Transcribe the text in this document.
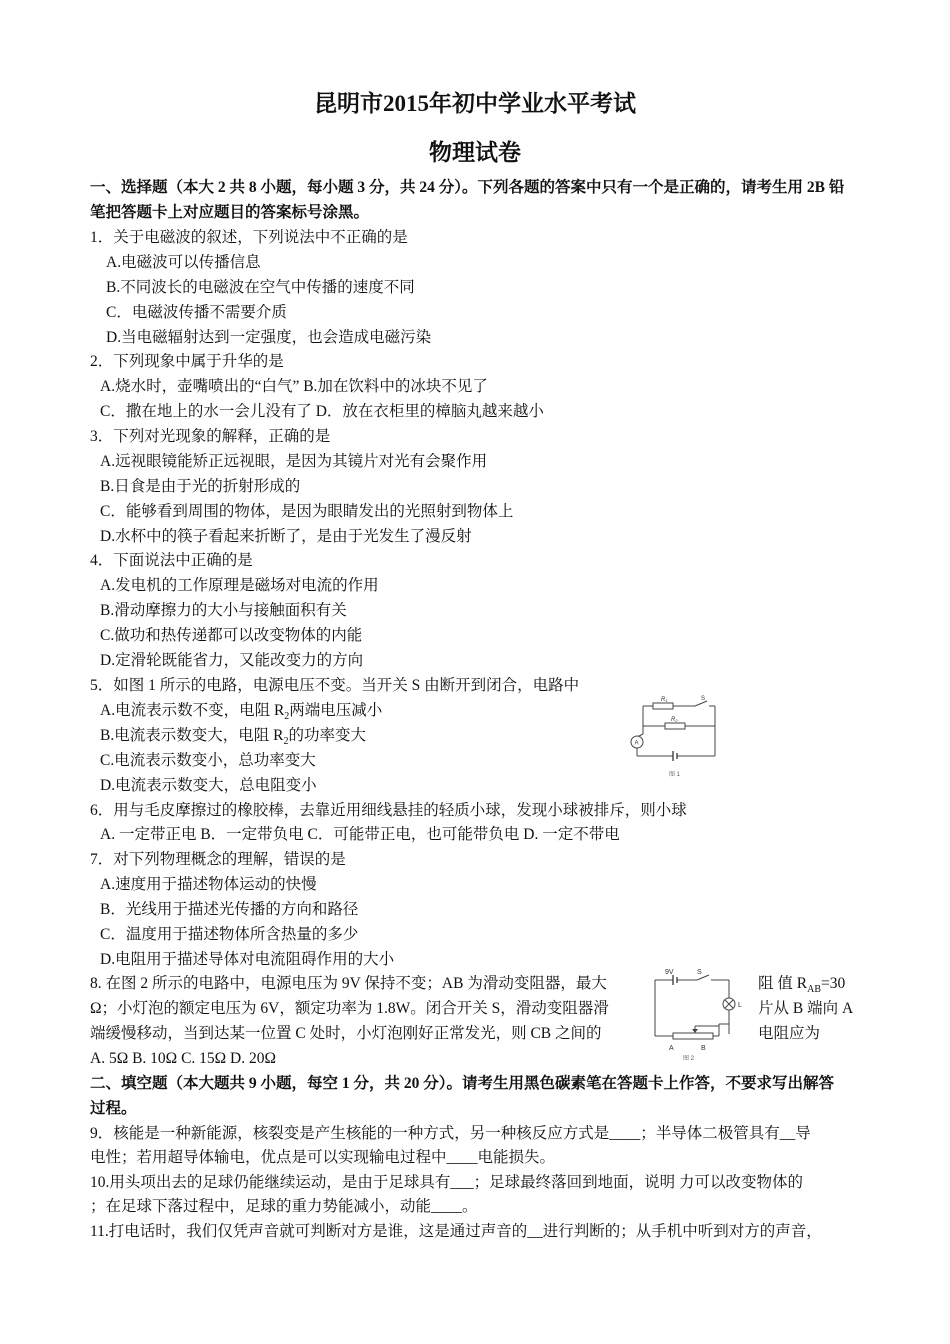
昆明市2015年初中学业水平考试
物理试卷
一、选择题（本大 2 共 8 小题，每小题 3 分，共 24 分）。下列各题的答案中只有一个是正确的，请考生用 2B 铅
笔把答题卡上对应题目的答案标号涂黑。
1．关于电磁波的叙述，下列说法中不正确的是
A.电磁波可以传播信息
B.不同波长的电磁波在空气中传播的速度不同
C．电磁波传播不需要介质
D.当电磁辐射达到一定强度，也会造成电磁污染
2．下列现象中属于升华的是
A.烧水时，壶嘴喷出的“白气” B.加在饮料中的冰块不见了
C．撒在地上的水一会儿没有了 D．放在衣柜里的樟脑丸越来越小
3．下列对光现象的解释，正确的是
A.远视眼镜能矫正远视眼，是因为其镜片对光有会聚作用
B.日食是由于光的折射形成的
C．能够看到周围的物体，是因为眼睛发出的光照射到物体上
D.水杯中的筷子看起来折断了，是由于光发生了漫反射
4．下面说法中正确的是
A.发电机的工作原理是磁场对电流的作用
B.滑动摩擦力的大小与接触面积有关
C.做功和热传递都可以改变物体的内能
D.定滑轮既能省力，又能改变力的方向
5．如图 1 所示的电路，电源电压不变。当开关 S 由断开到闭合，电路中
A.电流表示数不变，电阻 $R_2$两端电压减小
B.电流表示数变大，电阻 $R_2$的功率变大
C.电流表示数变小，总功率变大
D.电流表示数变大，总电阻变小
R1	S
R2
A
图 1
6．用与毛皮摩擦过的橡胶棒，去靠近用细线悬挂的轻质小球，发现小球被排斥，则小球
A. 一定带正电 B．一定带负电 C．可能带正电，也可能带负电 D. 一定不带电
7．对下列物理概念的理解，错误的是
A.速度用于描述物体运动的快慢
B．光线用于描述光传播的方向和路径
C．温度用于描述物体所含热量的多少
D.电阻用于描述导体对电流阻碍作用的大小
8. 在图 2 所示的电路中，电源电压为 9V 保持不变；AB 为滑动变阻器，最大	阻 值 $R_{AB}=30$
Ω；小灯泡的额定电压为 6V，额定功率为 1.8W。闭合开关 S，滑动变阻器滑	片从 B 端向 A
端缓慢移动，当到达某一位置 C 处时，小灯泡刚好正常发光，则 CB 之间的	电阻应为
A. 5Ω B. 10Ω C. 15Ω D. 20Ω
9V	S
L
A	B
图 2
二、填空题（本大题共 9 小题，每空 1 分，共 20 分）。请考生用黑色碳素笔在答题卡上作答，不要求写出解答
过程。
9．核能是一种新能源，核裂变是产生核能的一种方式，另一种核反应方式是____；半导体二极管具有__导
电性；若用超导体输电，优点是可以实现输电过程中____电能损失。
10.用头项出去的足球仍能继续运动，是由于足球具有___；足球最终落回到地面，说明 力可以改变物体的
；在足球下落过程中，足球的重力势能减小，动能____。
11.打电话时，我们仅凭声音就可判断对方是谁，这是通过声音的__进行判断的；从手机中听到对方的声音，
